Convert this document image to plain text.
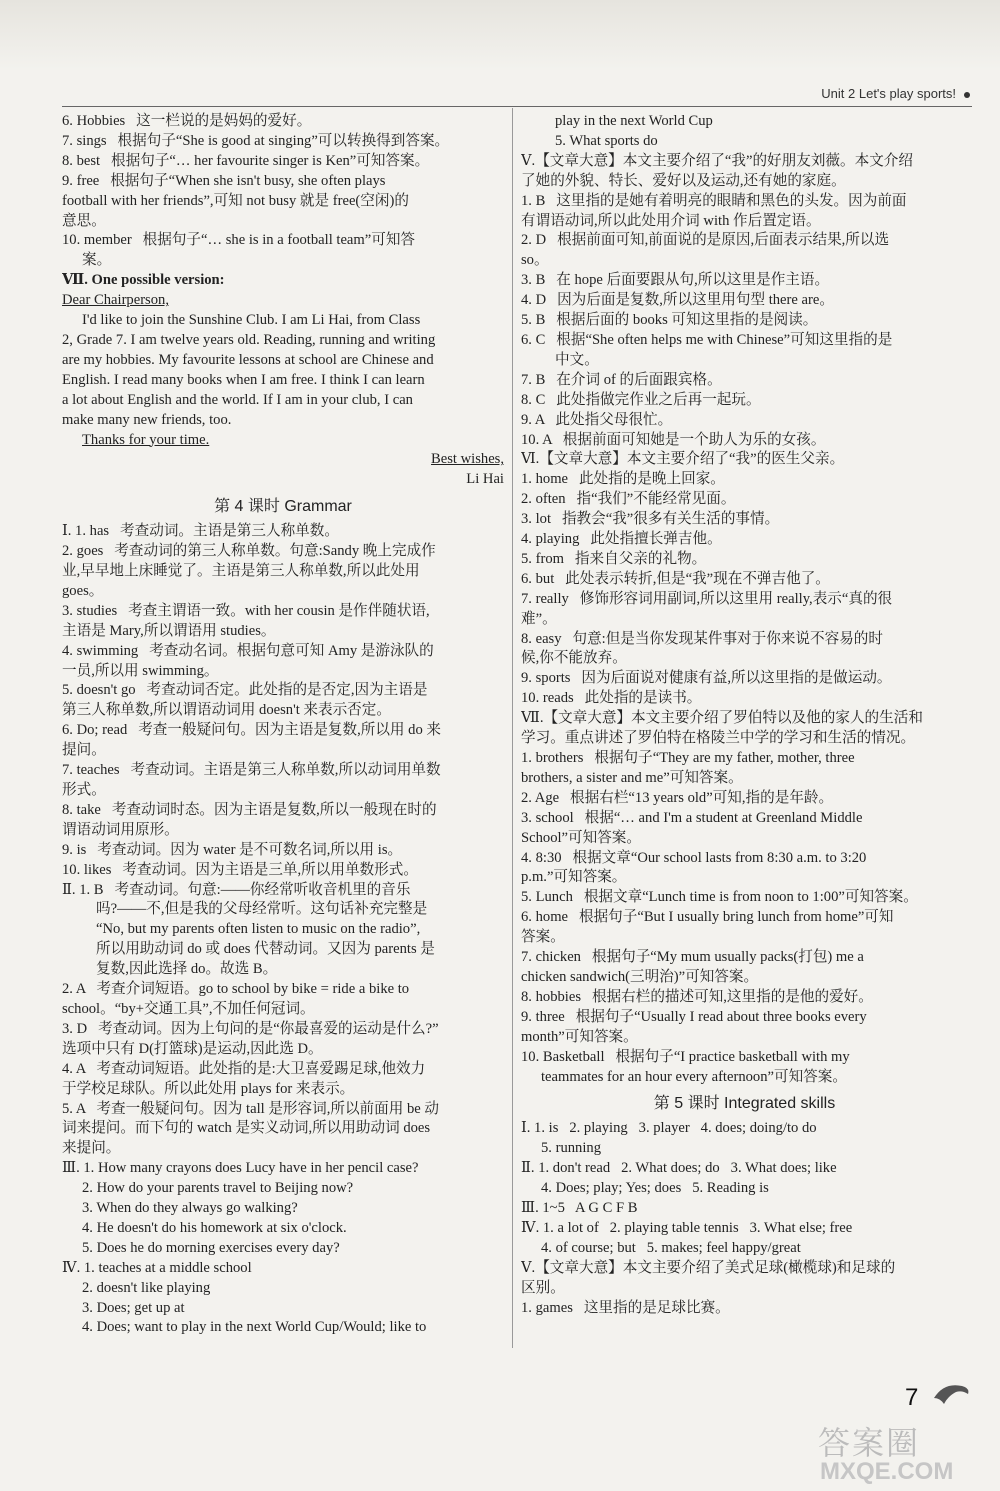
Unit 2 Let's play sports!
6. Hobbies   这一栏说的是妈妈的爱好。
7. sings   根据句子“She is good at singing”可以转换得到答案。
8. best   根据句子“… her favourite singer is Ken”可知答案。
9. free   根据句子“When she isn't busy, she often plays
football with her friends”,可知 not busy 就是 free(空闲)的
意思。
10. member   根据句子“… she is in a football team”可知答
案。
Ⅶ. One possible version:
Dear Chairperson,
I'd like to join the Sunshine Club. I am Li Hai, from Class
2, Grade 7. I am twelve years old. Reading, running and writing
are my hobbies. My favourite lessons at school are Chinese and
English. I read many books when I am free. I think I can learn
a lot about English and the world. If I am in your club, I can
make many new friends, too.
Thanks for your time.
Best wishes,
Li Hai
第 4 课时 Grammar
Ⅰ. 1. has   考查动词。主语是第三人称单数。
2. goes   考查动词的第三人称单数。句意:Sandy 晚上完成作
业,早早地上床睡觉了。主语是第三人称单数,所以此处用
goes。
3. studies   考查主谓语一致。with her cousin 是作伴随状语,
主语是 Mary,所以谓语用 studies。
4. swimming   考查动名词。根据句意可知 Amy 是游泳队的
一员,所以用 swimming。
5. doesn't go   考查动词否定。此处指的是否定,因为主语是
第三人称单数,所以谓语动词用 doesn't 来表示否定。
6. Do; read   考查一般疑问句。因为主语是复数,所以用 do 来
提问。
7. teaches   考查动词。主语是第三人称单数,所以动词用单数
形式。
8. take   考查动词时态。因为主语是复数,所以一般现在时的
谓语动词用原形。
9. is   考查动词。因为 water 是不可数名词,所以用 is。
10. likes   考查动词。因为主语是三单,所以用单数形式。
Ⅱ. 1. B   考查动词。句意:——你经常听收音机里的音乐
吗?——不,但是我的父母经常听。这句话补充完整是
“No, but my parents often listen to music on the radio”,
所以用助动词 do 或 does 代替动词。又因为 parents 是
复数,因此选择 do。故选 B。
2. A   考查介词短语。go to school by bike = ride a bike to
school。“by+交通工具”,不加任何冠词。
3. D   考查动词。因为上句问的是“你最喜爱的运动是什么?”
选项中只有 D(打篮球)是运动,因此选 D。
4. A   考查动词短语。此处指的是:大卫喜爱踢足球,他效力
于学校足球队。所以此处用 plays for 来表示。
5. A   考查一般疑问句。因为 tall 是形容词,所以前面用 be 动
词来提问。而下句的 watch 是实义动词,所以用助动词 does
来提问。
Ⅲ. 1. How many crayons does Lucy have in her pencil case?
2. How do your parents travel to Beijing now?
3. When do they always go walking?
4. He doesn't do his homework at six o'clock.
5. Does he do morning exercises every day?
Ⅳ. 1. teaches at a middle school
2. doesn't like playing
3. Does; get up at
4. Does; want to play in the next World Cup/Would; like to
play in the next World Cup
5. What sports do
Ⅴ.【文章大意】本文主要介绍了“我”的好朋友刘薇。本文介绍
了她的外貌、特长、爱好以及运动,还有她的家庭。
1. B   这里指的是她有着明亮的眼睛和黑色的头发。因为前面
有谓语动词,所以此处用介词 with 作后置定语。
2. D   根据前面可知,前面说的是原因,后面表示结果,所以选
so。
3. B   在 hope 后面要跟从句,所以这里是作主语。
4. D   因为后面是复数,所以这里用句型 there are。
5. B   根据后面的 books 可知这里指的是阅读。
6. C   根据“She often helps me with Chinese”可知这里指的是
中文。
7. B   在介词 of 的后面跟宾格。
8. C   此处指做完作业之后再一起玩。
9. A   此处指父母很忙。
10. A   根据前面可知她是一个助人为乐的女孩。
Ⅵ.【文章大意】本文主要介绍了“我”的医生父亲。
1. home   此处指的是晚上回家。
2. often   指“我们”不能经常见面。
3. lot   指教会“我”很多有关生活的事情。
4. playing   此处指擅长弹吉他。
5. from   指来自父亲的礼物。
6. but   此处表示转折,但是“我”现在不弹吉他了。
7. really   修饰形容词用副词,所以这里用 really,表示“真的很
难”。
8. easy   句意:但是当你发现某件事对于你来说不容易的时
候,你不能放弃。
9. sports   因为后面说对健康有益,所以这里指的是做运动。
10. reads   此处指的是读书。
Ⅶ.【文章大意】本文主要介绍了罗伯特以及他的家人的生活和
学习。重点讲述了罗伯特在格陵兰中学的学习和生活的情况。
1. brothers   根据句子“They are my father, mother, three
brothers, a sister and me”可知答案。
2. Age   根据右栏“13 years old”可知,指的是年龄。
3. school   根据“… and I'm a student at Greenland Middle
School”可知答案。
4. 8:30   根据文章“Our school lasts from 8:30 a.m. to 3:20
p.m.”可知答案。
5. Lunch   根据文章“Lunch time is from noon to 1:00”可知答案。
6. home   根据句子“But I usually bring lunch from home”可知
答案。
7. chicken   根据句子“My mum usually packs(打包) me a
chicken sandwich(三明治)”可知答案。
8. hobbies   根据右栏的描述可知,这里指的是他的爱好。
9. three   根据句子“Usually I read about three books every
month”可知答案。
10. Basketball   根据句子“I practice basketball with my
teammates for an hour every afternoon”可知答案。
第 5 课时 Integrated skills
Ⅰ. 1. is   2. playing   3. player   4. does; doing/to do
5. running
Ⅱ. 1. don't read   2. What does; do   3. What does; like
4. Does; play; Yes; does   5. Reading is
Ⅲ. 1~5   A G C F B
Ⅳ. 1. a lot of   2. playing table tennis   3. What else; free
4. of course; but   5. makes; feel happy/great
Ⅴ.【文章大意】本文主要介绍了美式足球(橄榄球)和足球的
区别。
1. games   这里指的是足球比赛。
7
答案圈
MXQE.COM
